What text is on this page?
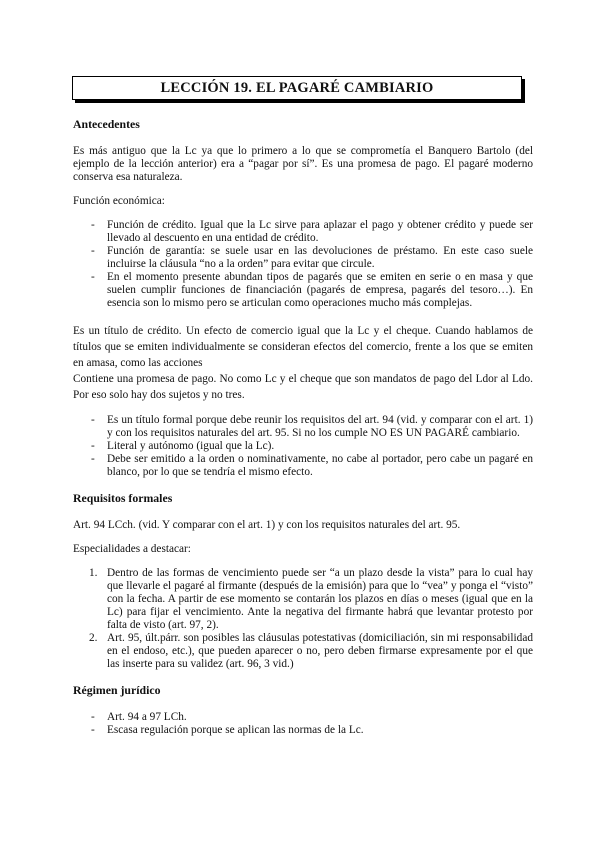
LECCIÓN 19. EL PAGARÉ CAMBIARIO
Antecedentes

Es más antiguo que la Lc ya que lo primero a lo que se comprometía el Banquero Bartolo (del ejemplo de la lección anterior) era a “pagar por sí”. Es una promesa de pago. El pagaré moderno conserva esa naturaleza.

Función económica:

- Función de crédito. Igual que la Lc sirve para aplazar el pago y obtener crédito y puede ser llevado al descuento en una entidad de crédito.
- Función de garantía: se suele usar en las devoluciones de préstamo. En este caso suele incluirse la cláusula “no a la orden” para evitar que circule.
- En el momento presente abundan tipos de pagarés que se emiten en serie o en masa y que suelen cumplir funciones de financiación (pagarés de empresa, pagarés del tesoro…). En esencia son lo mismo pero se articulan como operaciones mucho más complejas.

Es un título de crédito. Un efecto de comercio igual que la Lc y el cheque. Cuando hablamos de títulos que se emiten individualmente se consideran efectos del comercio, frente a los que se emiten en amasa, como las acciones

Contiene una promesa de pago. No como Lc y el cheque que son mandatos de pago del Ldor al Ldo. Por eso solo hay dos sujetos y no tres.

- Es un título formal porque debe reunir los requisitos del art. 94 (vid. y comparar con el art. 1) y con los requisitos naturales del art. 95. Si no los cumple NO ES UN PAGARÉ cambiario.
- Literal y autónomo (igual que la Lc).
- Debe ser emitido a la orden o nominativamente, no cabe al portador, pero cabe un pagaré en blanco, por lo que se tendría el mismo efecto.
Requisitos formales

Art. 94 LCch. (vid. Y comparar con el art. 1) y con los requisitos naturales del art. 95.

Especialidades a destacar:

1. Dentro de las formas de vencimiento puede ser “a un plazo desde la vista” para lo cual hay que llevarle el pagaré al firmante (después de la emisión) para que lo “vea” y ponga el “visto” con la fecha. A partir de ese momento se contarán los plazos en días o meses (igual que en la Lc) para fijar el vencimiento. Ante la negativa del firmante habrá que levantar protesto por falta de visto (art. 97, 2).
2. Art. 95, últ.párr. son posibles las cláusulas potestativas (domiciliación, sin mi responsabilidad en el endoso, etc.), que pueden aparecer o no, pero deben firmarse expresamente por el que las inserte para su validez (art. 96, 3 vid.)
Régimen jurídico
- Art. 94 a 97 LCh.
- Escasa regulación porque se aplican las normas de la Lc.
